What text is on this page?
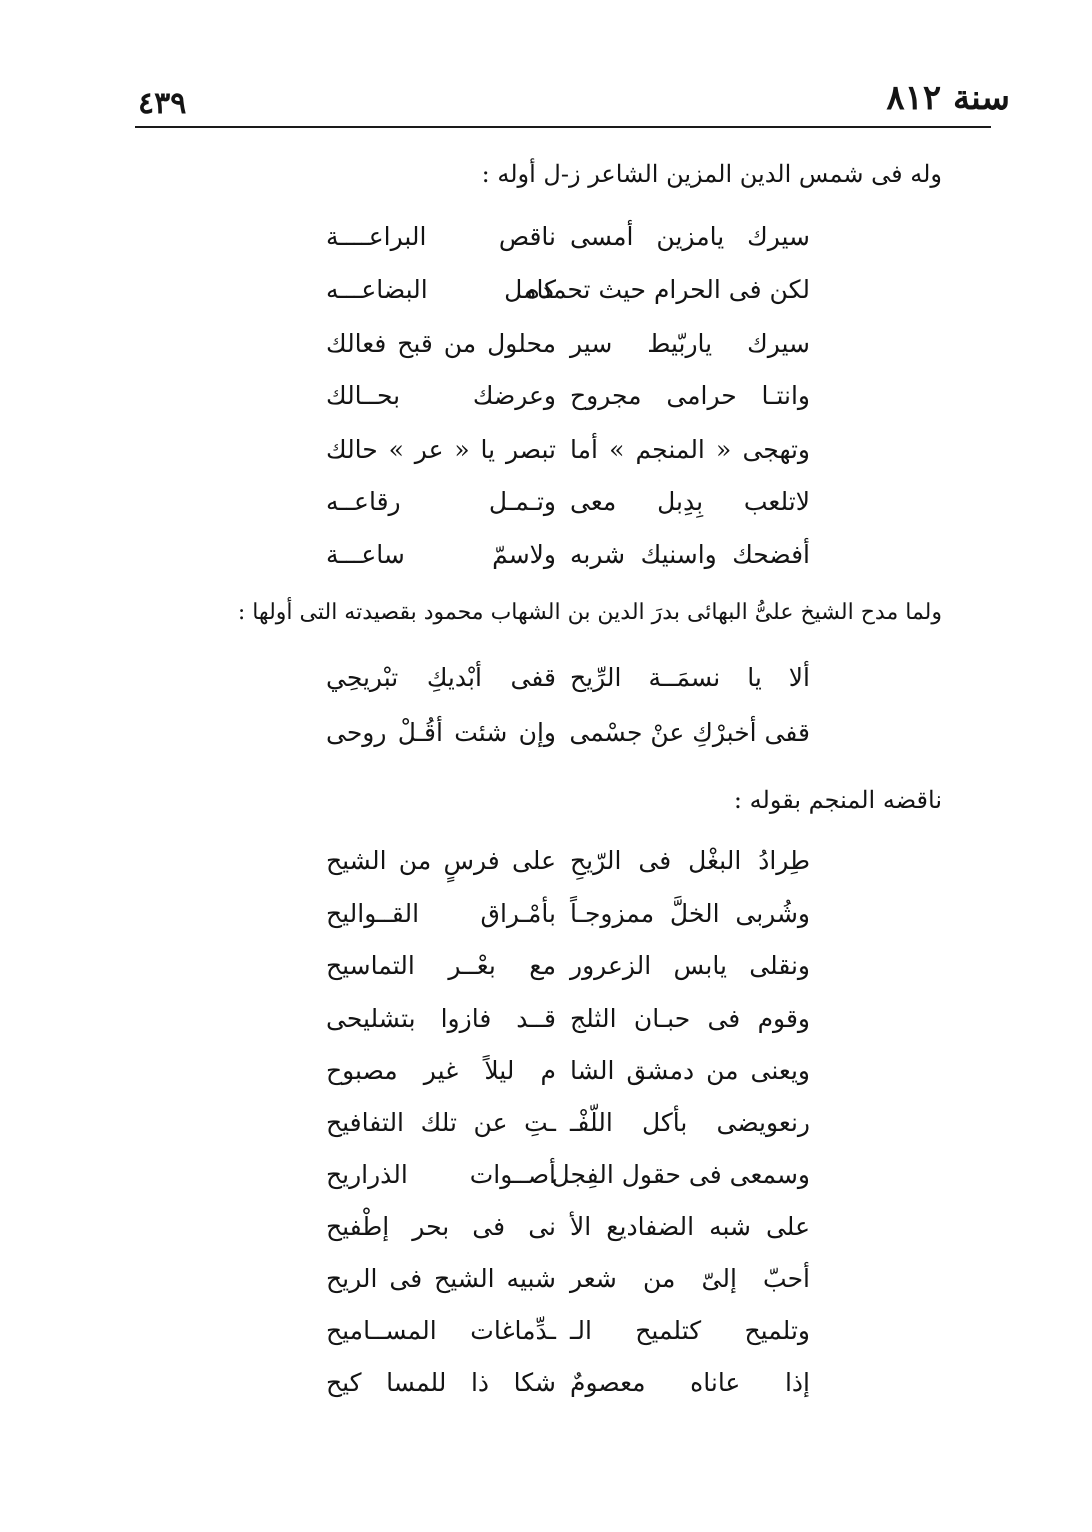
سنة ٨١٢
٤٣٩
وله فى شمس الدين المزين الشاعر ز-ل أوله :
سيرك يامزين أمسى
ناقص البراعــــة
لكن فى الحرام حيث تحمده
كامل البضاعـــه
سيرك ياربّيط سير
محلول من قبح فعالك
وانتـا حرامى مجروح
وعرضك بحــالك
وتهجى « المنجم » أما
تبصر يا « عر » حالك
لاتلعب بِدِبل معى
وتـمـل رقاعــه
أفضحك واسنيك شربه
ولاسمّ ساعـــة
ولما مدح الشيخ علىُّ البهائى بدرَ الدين بن الشهاب محمود بقصيدته التى أولها :
ألا يا نسمَــة الرِّيح
قفى أبْديكِ تبْريحِي
قفى أخبرْكِ عنْ جسْمى
وإن شئت أقُـلْ روحى
ناقضه المنجم بقوله :
طِرادُ البغْل فى الرّيحِ
على فرسٍ من الشيح
وشُربى الخلَّ ممزوجـاً
بأمْـراق القــواليح
ونقلى يابس الزعرور
مع بعْــر التماسيح
وقوم فى حبـان الثلج
قــد فازوا بتشليحى
ويعنى من دمشق الشا
م ليلاً غير مصبوح
رنعويضى بأكل اللّفْـ
ـتِ عن تلك التفافيح
وسمعى فى حقول الفِجل
أصــوات الذراريح
على شبه الضفاديع الأ
نى فى بحر إطْفيح
أحبّ إلىّ من شعر
شبيه الشيح فى الريح
وتلميح كتلميح الـ
ـدِّماغات المســاميح
إذا عاناه معصومٌ
شكا ذا للمسا كيح
